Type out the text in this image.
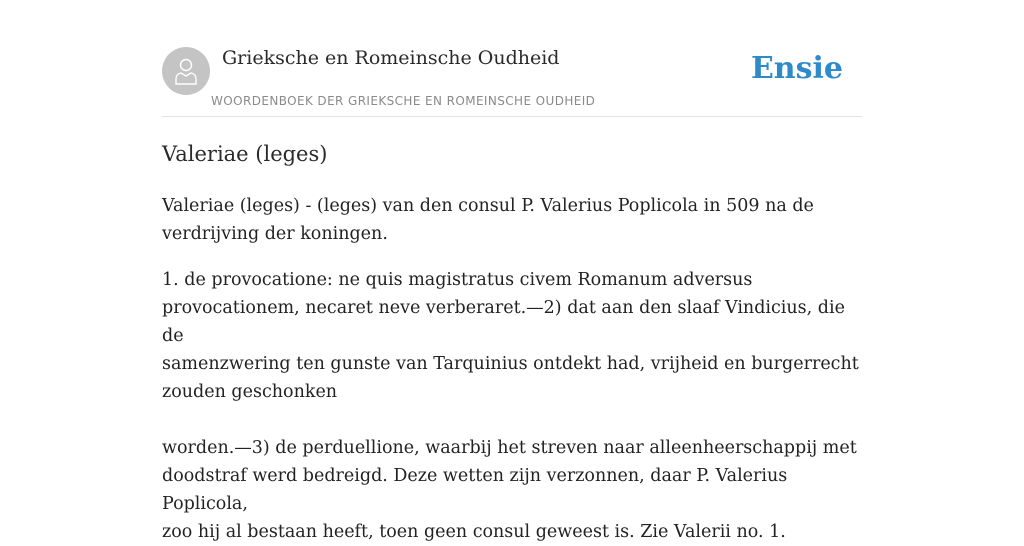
Grieksche en Romeinsche Oudheid
WOORDENBOEK DER GRIEKSCHE EN ROMEINSCHE OUDHEID
Ensie
Valeriae (leges)

Valeriae (leges) - (leges) van den consul P. Valerius Poplicola in 509 na de
verdrijving der koningen.

1. de provocatione: ne quis magistratus civem Romanum adversus
provocationem, necaret neve verberaret.—2) dat aan den slaaf Vindicius, die de
samenzwering ten gunste van Tarquinius ontdekt had, vrijheid en burgerrecht
zouden geschonken

worden.—3) de perduellione, waarbij het streven naar alleenheerschappij met
doodstraf werd bedreigd. Deze wetten zijn verzonnen, daar P. Valerius Poplicola,
zoo hij al bestaan heeft, toen geen consul geweest is. Zie Valerii no. 1.
